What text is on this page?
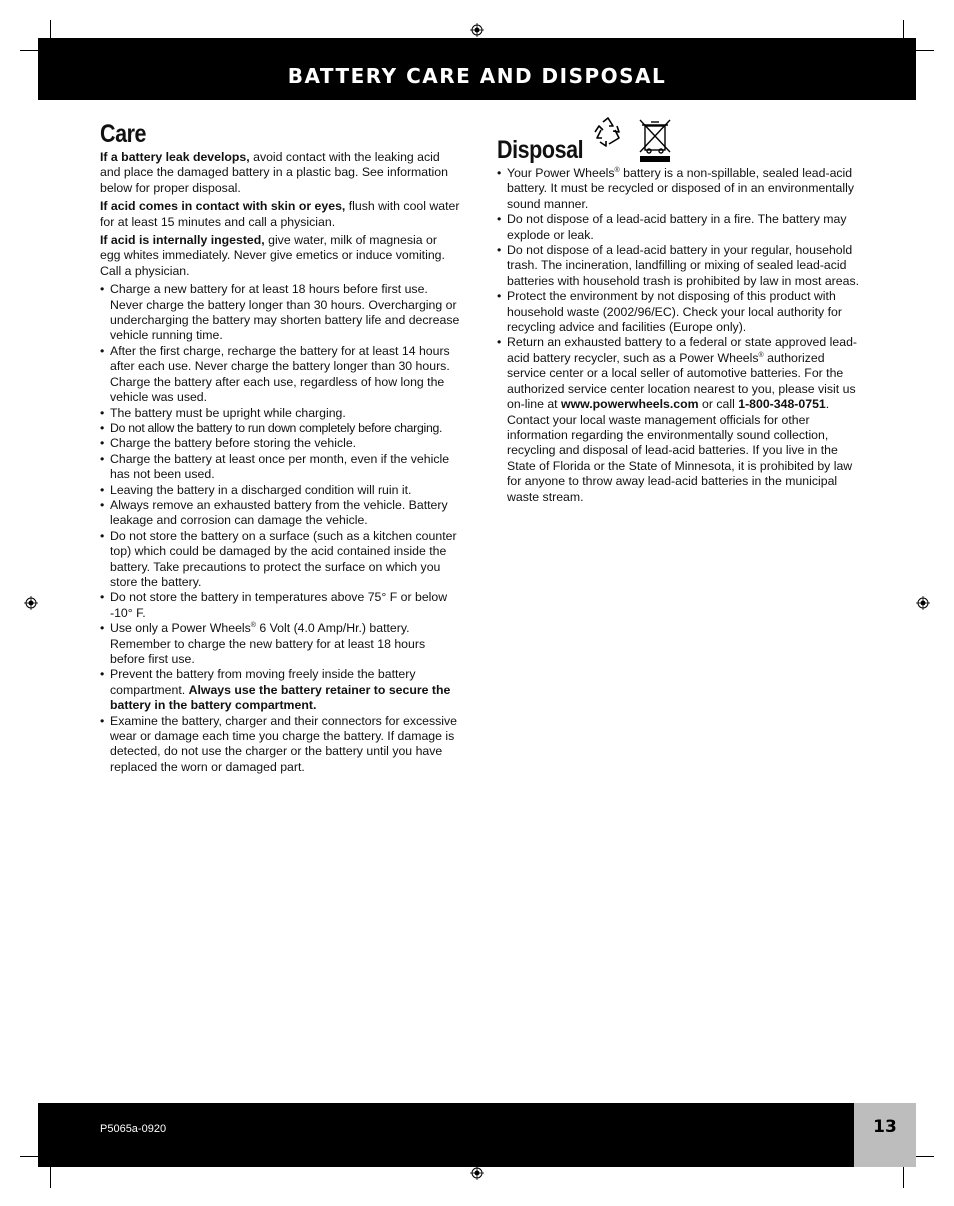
BATTERY CARE AND DISPOSAL
Care

If a battery leak develops, avoid contact with the leaking acid and place the damaged battery in a plastic bag. See information below for proper disposal.

If acid comes in contact with skin or eyes, flush with cool water for at least 15 minutes and call a physician.

If acid is internally ingested, give water, milk of magnesia or egg whites immediately. Never give emetics or induce vomiting. Call a physician.

• Charge a new battery for at least 18 hours before first use. Never charge the battery longer than 30 hours. Overcharging or undercharging the battery may shorten battery life and decrease vehicle running time.
• After the first charge, recharge the battery for at least 14 hours after each use. Never charge the battery longer than 30 hours. Charge the battery after each use, regardless of how long the vehicle was used.
• The battery must be upright while charging.
• Do not allow the battery to run down completely before charging.
• Charge the battery before storing the vehicle.
• Charge the battery at least once per month, even if the vehicle has not been used.
• Leaving the battery in a discharged condition will ruin it.
• Always remove an exhausted battery from the vehicle. Battery leakage and corrosion can damage the vehicle.
• Do not store the battery on a surface (such as a kitchen counter top) which could be damaged by the acid contained inside the battery. Take precautions to protect the surface on which you store the battery.
• Do not store the battery in temperatures above 75° F or below -10° F.
• Use only a Power Wheels® 6 Volt (4.0 Amp/Hr.) battery. Remember to charge the new battery for at least 18 hours before first use.
• Prevent the battery from moving freely inside the battery compartment. Always use the battery retainer to secure the battery in the battery compartment.
• Examine the battery, charger and their connectors for excessive wear or damage each time you charge the battery. If damage is detected, do not use the charger or the battery until you have replaced the worn or damaged part.
Disposal
• Your Power Wheels® battery is a non-spillable, sealed lead-acid battery. It must be recycled or disposed of in an environmentally sound manner.
• Do not dispose of a lead-acid battery in a fire. The battery may explode or leak.
• Do not dispose of a lead-acid battery in your regular, household trash. The incineration, landfilling or mixing of sealed lead-acid batteries with household trash is prohibited by law in most areas.
• Protect the environment by not disposing of this product with household waste (2002/96/EC). Check your local authority for recycling advice and facilities (Europe only).
• Return an exhausted battery to a federal or state approved lead-acid battery recycler, such as a Power Wheels® authorized service center or a local seller of automotive batteries. For the authorized service center location nearest to you, please visit us on-line at www.powerwheels.com or call 1-800-348-0751. Contact your local waste management officials for other information regarding the environmentally sound collection, recycling and disposal of lead-acid batteries. If you live in the State of Florida or the State of Minnesota, it is prohibited by law for anyone to throw away lead-acid batteries in the municipal waste stream.
P5065a-0920	13
